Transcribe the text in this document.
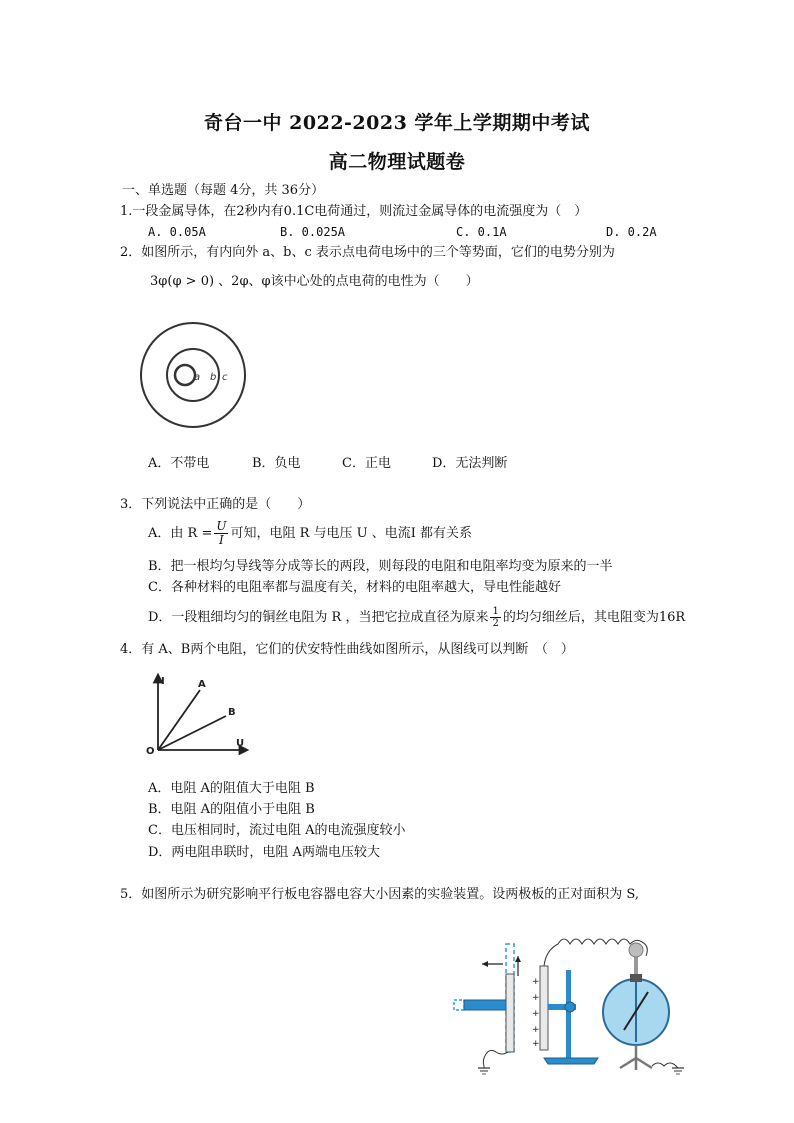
奇台一中 2022-2023 学年上学期期中考试
高二物理试题卷
一、单选题（每题 4分，共 36分）
1.一段金属导体，在2秒内有0.1C电荷通过，则流过金属导体的电流强度为（　）
A. 0.05A	B. 0.025A	C. 0.1A	D. 0.2A
2．如图所示，有内向外 a、b、c 表示点电荷电场中的三个等势面，它们的电势分别为
3φ(φ > 0) 、2φ、φ该中心处的点电荷的电性为（　　）
a b c
A．不带电	B．负电	C．正电	D．无法判断
3．下列说法中正确的是（　　）
A．由 $R = \frac{U}{I}$ 可知，电阻 R 与电压 U 、电流I 都有关系
B．把一根均匀导线等分成等长的两段，则每段的电阻和电阻率均变为原来的一半
C．各种材料的电阻率都与温度有关，材料的电阻率越大，导电性能越好
D．一段粗细均匀的铜丝电阻为 R ，当把它拉成直径为原来 $\frac{1}{2}$ 的均匀细丝后，其电阻变为16R
4．有 A、B两个电阻，它们的伏安特性曲线如图所示，从图线可以判断　（　）
I
U
O
A
B
A．电阻 A的阻值大于电阻 B
B．电阻 A的阻值小于电阻 B
C．电压相同时，流过电阻 A的电流强度较小
D．两电阻串联时，电阻 A两端电压较大
5．如图所示为研究影响平行板电容器电容大小因素的实验装置。设两极板的正对面积为 S,
+
+
+
+
+
